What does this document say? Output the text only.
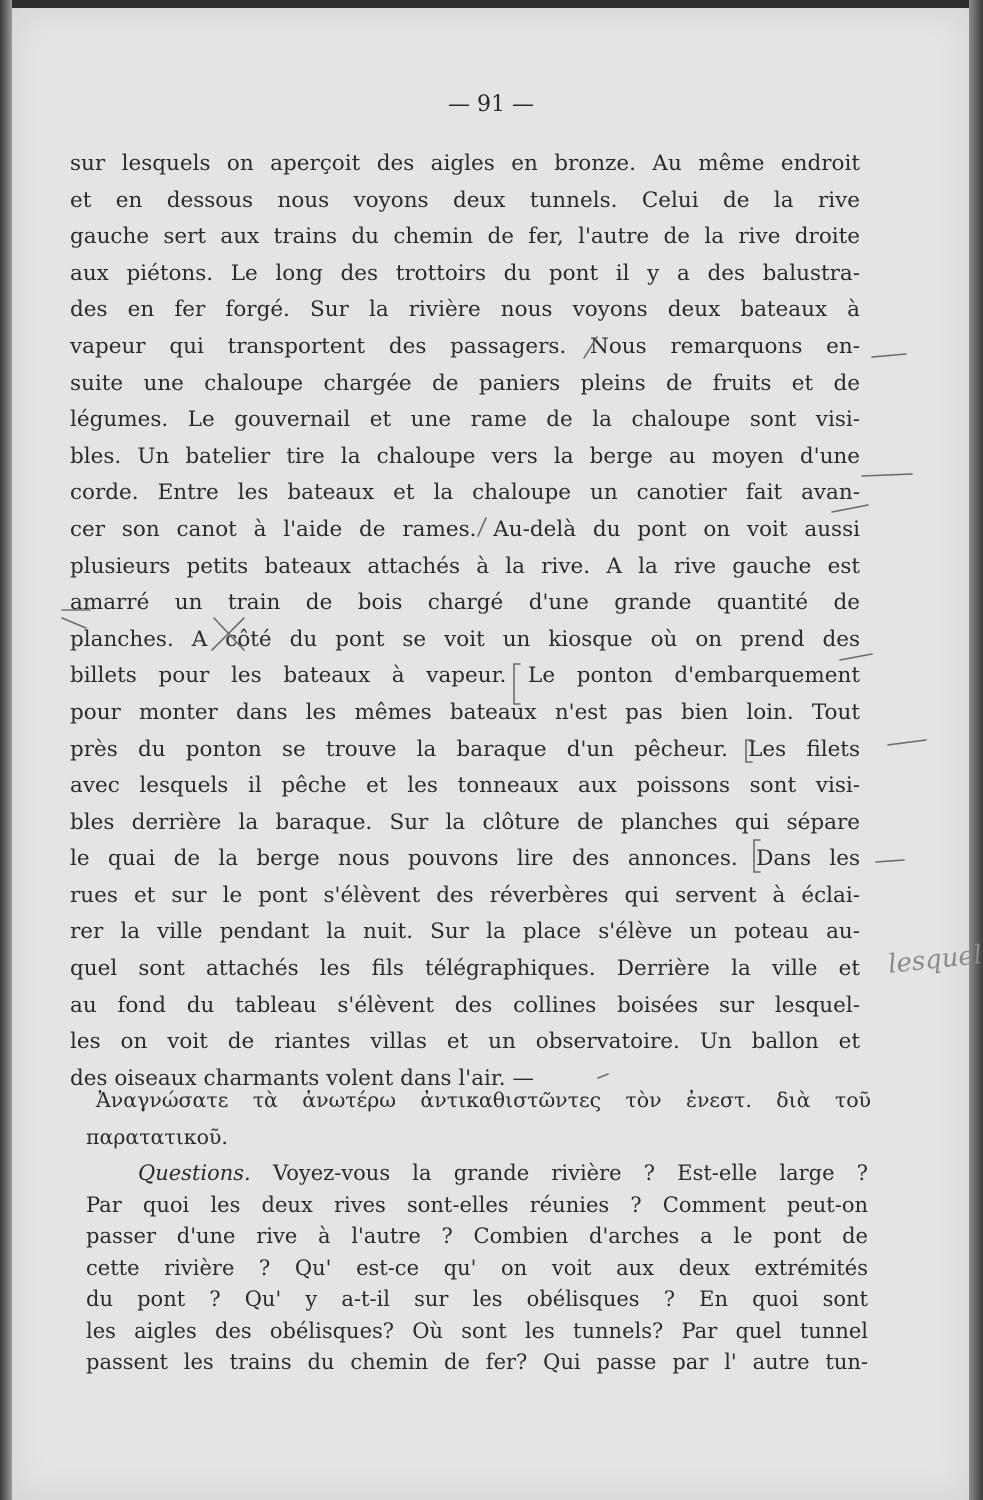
— 91 —
sur lesquels on aperçoit des aigles en bronze. Au même endroit
et en dessous nous voyons deux tunnels. Celui de la rive
gauche sert aux trains du chemin de fer, l'autre de la rive droite
aux piétons. Le long des trottoirs du pont il y a des balustra-
des en fer forgé. Sur la rivière nous voyons deux bateaux à
vapeur qui transportent des passagers. Nous remarquons en-
suite une chaloupe chargée de paniers pleins de fruits et de
légumes. Le gouvernail et une rame de la chaloupe sont visi-
bles. Un batelier tire la chaloupe vers la berge au moyen d'une
corde. Entre les bateaux et la chaloupe un canotier fait avan-
cer son canot à l'aide de rames. Au-delà du pont on voit aussi
plusieurs petits bateaux attachés à la rive. A la rive gauche est
amarré un train de bois chargé d'une grande quantité de
planches. A côté du pont se voit un kiosque où on prend des
billets pour les bateaux à vapeur. Le ponton d'embarquement
pour monter dans les mêmes bateaux n'est pas bien loin. Tout
près du ponton se trouve la baraque d'un pêcheur. Les filets
avec lesquels il pêche et les tonneaux aux poissons sont visi-
bles derrière la baraque. Sur la clôture de planches qui sépare
le quai de la berge nous pouvons lire des annonces. Dans les
rues et sur le pont s'élèvent des réverbères qui servent à éclai-
rer la ville pendant la nuit. Sur la place s'élève un poteau au-
quel sont attachés les fils télégraphiques. Derrière la ville et
au fond du tableau s'élèvent des collines boisées sur lesquel-
les on voit de riantes villas et un observatoire. Un ballon et
des oiseaux charmants volent dans l'air. —
Ἀναγνώσατε τὰ ἀνωτέρω ἀντικαθιστῶντες τὸν ἐνεστ. διὰ τοῦ
παρατατικοῦ.
Questions. Voyez-vous la grande rivière ? Est-elle large ?
Par quoi les deux rives sont-elles réunies ? Comment peut-on
passer d'une rive à l'autre ? Combien d'arches a le pont de
cette rivière ? Qu' est-ce qu' on voit aux deux extrémités
du pont ? Qu' y a-t-il sur les obélisques ? En quoi sont
les aigles des obélisques? Où sont les tunnels? Par quel tunnel
passent les trains du chemin de fer? Qui passe par l' autre tun-
lesquel
